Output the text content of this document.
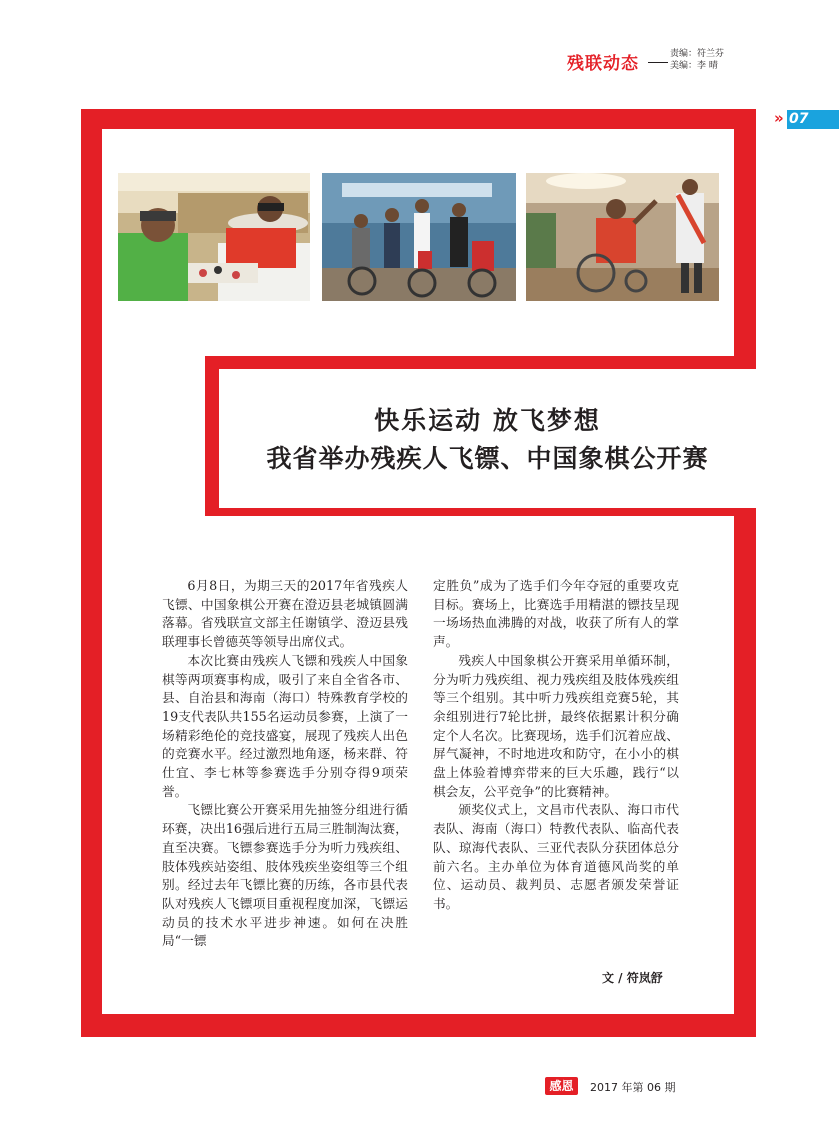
残联动态	责编：符兰芬
美编：李 晴
» 07
快乐运动 放飞梦想
我省举办残疾人飞镖、中国象棋公开赛

6月8日，为期三天的2017年省残疾人飞镖、中国象棋公开赛在澄迈县老城镇圆满落幕。省残联宣文部主任谢镇学、澄迈县残联理事长曾德英等领导出席仪式。

本次比赛由残疾人飞镖和残疾人中国象棋等两项赛事构成，吸引了来自全省各市、县、自治县和海南（海口）特殊教育学校的19支代表队共155名运动员参赛，上演了一场精彩绝伦的竞技盛宴，展现了残疾人出色的竞赛水平。经过激烈地角逐，杨来群、符仕宜、李七林等参赛选手分别夺得9项荣誉。

飞镖比赛公开赛采用先抽签分组进行循环赛，决出16强后进行五局三胜制淘汰赛，直至决赛。飞镖参赛选手分为听力残疾组、肢体残疾站姿组、肢体残疾坐姿组等三个组别。经过去年飞镖比赛的历练，各市县代表队对残疾人飞镖项目重视程度加深，飞镖运动员的技术水平进步神速。如何在决胜局“一镖

定胜负”成为了选手们今年夺冠的重要攻克目标。赛场上，比赛选手用精湛的镖技呈现一场场热血沸腾的对战，收获了所有人的掌声。

残疾人中国象棋公开赛采用单循环制，分为听力残疾组、视力残疾组及肢体残疾组等三个组别。其中听力残疾组竞赛5轮，其余组别进行7轮比拼，最终依据累计积分确定个人名次。比赛现场，选手们沉着应战、屏气凝神，不时地进攻和防守，在小小的棋盘上体验着博弈带来的巨大乐趣，践行“以棋会友，公平竞争”的比赛精神。

颁奖仪式上，文昌市代表队、海口市代表队、海南（海口）特教代表队、临高代表队、琼海代表队、三亚代表队分获团体总分前六名。主办单位为体育道德风尚奖的单位、运动员、裁判员、志愿者颁发荣誉证书。

文 / 符岚舒
感恩	2017 年第 06 期
